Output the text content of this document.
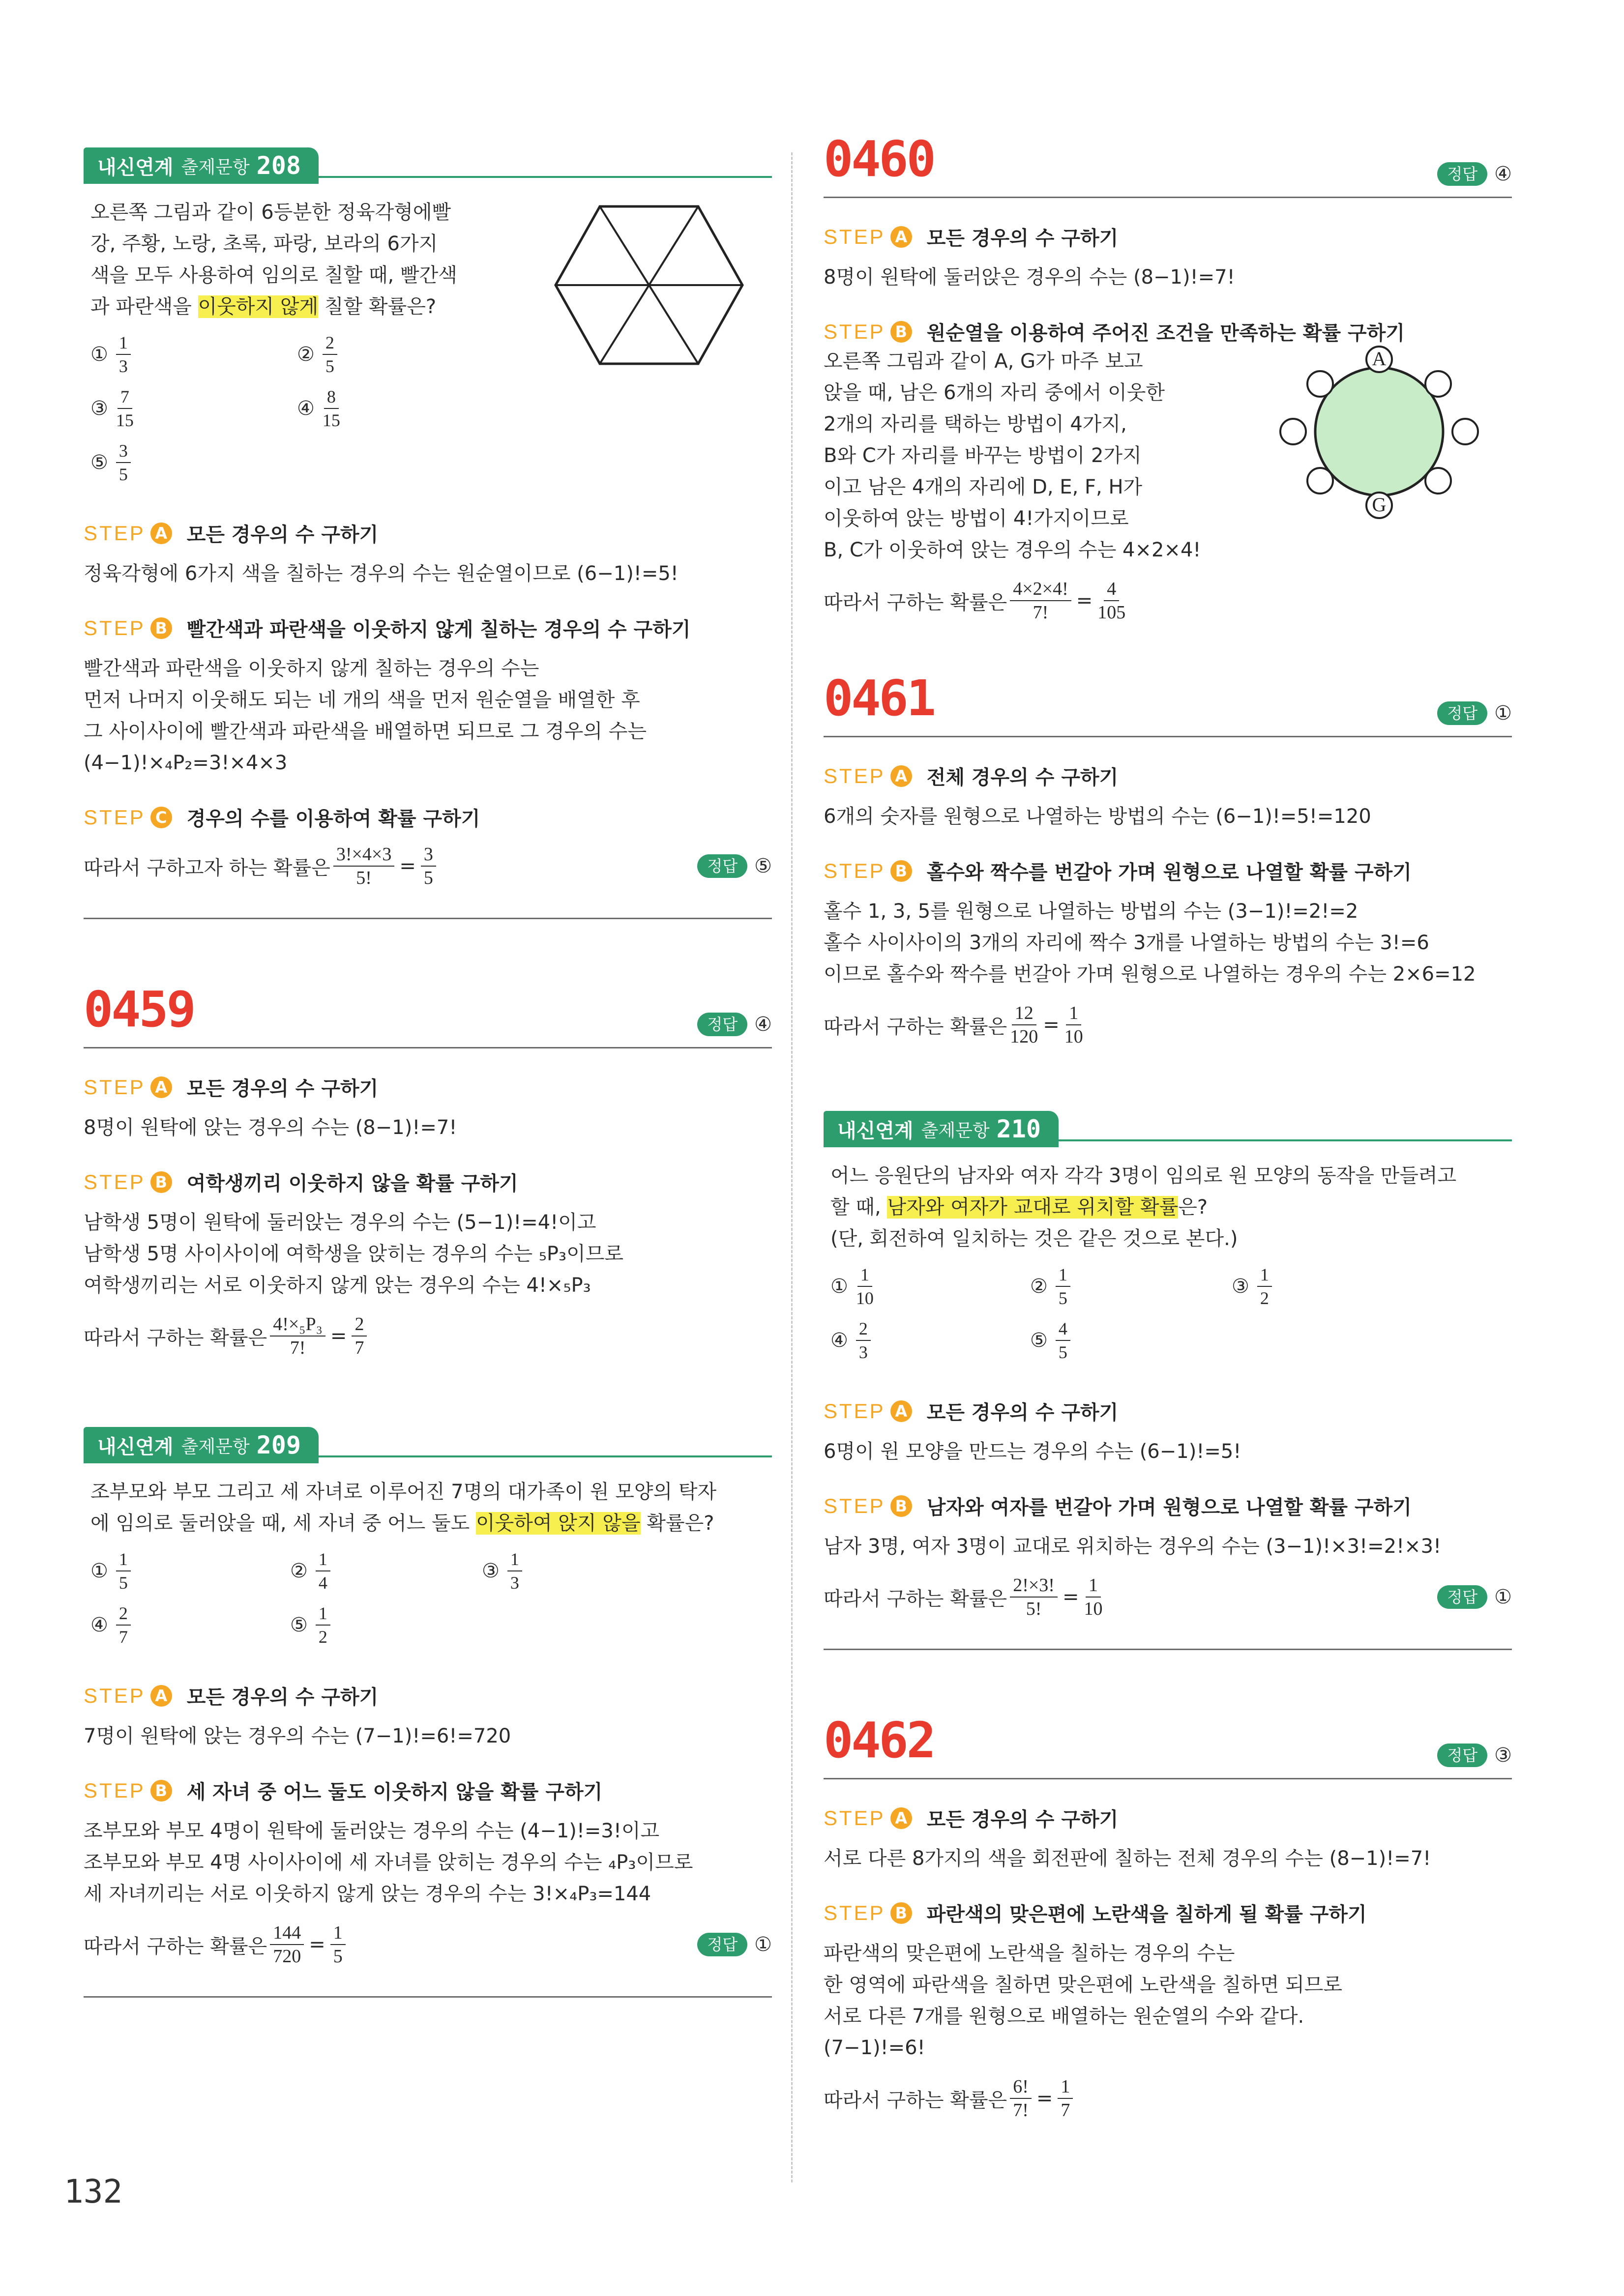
내신연계 출제문항 208
오른쪽 그림과 같이 6등분한 정육각형에빨
강, 주황, 노랑, 초록, 파랑, 보라의 6가지
색을 모두 사용하여 임의로 칠할 때, 빨간색
과 파란색을 이웃하지 않게 칠할 확률은?
① $\frac{1}{3}$	② $\frac{2}{5}$
③ $\frac{7}{15}$	④ $\frac{8}{15}$
⑤ $\frac{3}{5}$
STEP A 모든 경우의 수 구하기
정육각형에 6가지 색을 칠하는 경우의 수는 원순열이므로 (6−1)!=5!
STEP B 빨간색과 파란색을 이웃하지 않게 칠하는 경우의 수 구하기
빨간색과 파란색을 이웃하지 않게 칠하는 경우의 수는
먼저 나머지 이웃해도 되는 네 개의 색을 먼저 원순열을 배열한 후
그 사이사이에 빨간색과 파란색을 배열하면 되므로 그 경우의 수는
(4−1)!×₄P₂=3!×4×3
STEP C 경우의 수를 이용하여 확률 구하기
따라서 구하고자 하는 확률은 $\frac{3!\times 4\times 3}{5!} = \frac{3}{5}$	정답 ⑤
0459	정답 ④
STEP A 모든 경우의 수 구하기
8명이 원탁에 앉는 경우의 수는 (8−1)!=7!
STEP B 여학생끼리 이웃하지 않을 확률 구하기
남학생 5명이 원탁에 둘러앉는 경우의 수는 (5−1)!=4!이고
남학생 5명 사이사이에 여학생을 앉히는 경우의 수는 ₅P₃이므로
여학생끼리는 서로 이웃하지 않게 앉는 경우의 수는 4!×₅P₃
따라서 구하는 확률은 $\frac{\text{4!×₅P₃}}{7!} = \frac{2}{7}$
내신연계 출제문항 209
조부모와 부모 그리고 세 자녀로 이루어진 7명의 대가족이 원 모양의 탁자
에 임의로 둘러앉을 때, 세 자녀 중 어느 둘도 이웃하여 앉지 않을 확률은?
① $\frac{1}{5}$	② $\frac{1}{4}$	③ $\frac{1}{3}$
④ $\frac{2}{7}$	⑤ $\frac{1}{2}$
STEP A 모든 경우의 수 구하기
7명이 원탁에 앉는 경우의 수는 (7−1)!=6!=720
STEP B 세 자녀 중 어느 둘도 이웃하지 않을 확률 구하기
조부모와 부모 4명이 원탁에 둘러앉는 경우의 수는 (4−1)!=3!이고
조부모와 부모 4명 사이사이에 세 자녀를 앉히는 경우의 수는 ₄P₃이므로
세 자녀끼리는 서로 이웃하지 않게 앉는 경우의 수는 3!×₄P₃=144
따라서 구하는 확률은 $\frac{144}{720} = \frac{1}{5}$	정답 ①
0460	정답 ④
STEP A 모든 경우의 수 구하기
8명이 원탁에 둘러앉은 경우의 수는 (8−1)!=7!
STEP B 원순열을 이용하여 주어진 조건을 만족하는 확률 구하기
오른쪽 그림과 같이 A, G가 마주 보고
앉을 때, 남은 6개의 자리 중에서 이웃한
2개의 자리를 택하는 방법이 4가지,
B와 C가 자리를 바꾸는 방법이 2가지
이고 남은 4개의 자리에 D, E, F, H가
이웃하여 앉는 방법이 4!가지이므로
B, C가 이웃하여 앉는 경우의 수는 4×2×4!
A
G
따라서 구하는 확률은 $\frac{4\times 2\times 4!}{7!} = \frac{4}{105}$
0461	정답 ①
STEP A 전체 경우의 수 구하기
6개의 숫자를 원형으로 나열하는 방법의 수는 (6−1)!=5!=120
STEP B 홀수와 짝수를 번갈아 가며 원형으로 나열할 확률 구하기
홀수 1, 3, 5를 원형으로 나열하는 방법의 수는 (3−1)!=2!=2
홀수 사이사이의 3개의 자리에 짝수 3개를 나열하는 방법의 수는 3!=6
이므로 홀수와 짝수를 번갈아 가며 원형으로 나열하는 경우의 수는 2×6=12
따라서 구하는 확률은 $\frac{12}{120} = \frac{1}{10}$
내신연계 출제문항 210
어느 응원단의 남자와 여자 각각 3명이 임의로 원 모양의 동작을 만들려고
할 때, 남자와 여자가 교대로 위치할 확률은?
(단, 회전하여 일치하는 것은 같은 것으로 본다.)
① $\frac{1}{10}$	② $\frac{1}{5}$	③ $\frac{1}{2}$
④ $\frac{2}{3}$	⑤ $\frac{4}{5}$
STEP A 모든 경우의 수 구하기
6명이 원 모양을 만드는 경우의 수는 (6−1)!=5!
STEP B 남자와 여자를 번갈아 가며 원형으로 나열할 확률 구하기
남자 3명, 여자 3명이 교대로 위치하는 경우의 수는 (3−1)!×3!=2!×3!
따라서 구하는 확률은 $\frac{2!\times 3!}{5!} = \frac{1}{10}$	정답 ①
0462	정답 ③
STEP A 모든 경우의 수 구하기
서로 다른 8가지의 색을 회전판에 칠하는 전체 경우의 수는 (8−1)!=7!
STEP B 파란색의 맞은편에 노란색을 칠하게 될 확률 구하기
파란색의 맞은편에 노란색을 칠하는 경우의 수는
한 영역에 파란색을 칠하면 맞은편에 노란색을 칠하면 되므로
서로 다른 7개를 원형으로 배열하는 원순열의 수와 같다.
(7−1)!=6!
따라서 구하는 확률은 $\frac{6!}{7!} = \frac{1}{7}$
132
